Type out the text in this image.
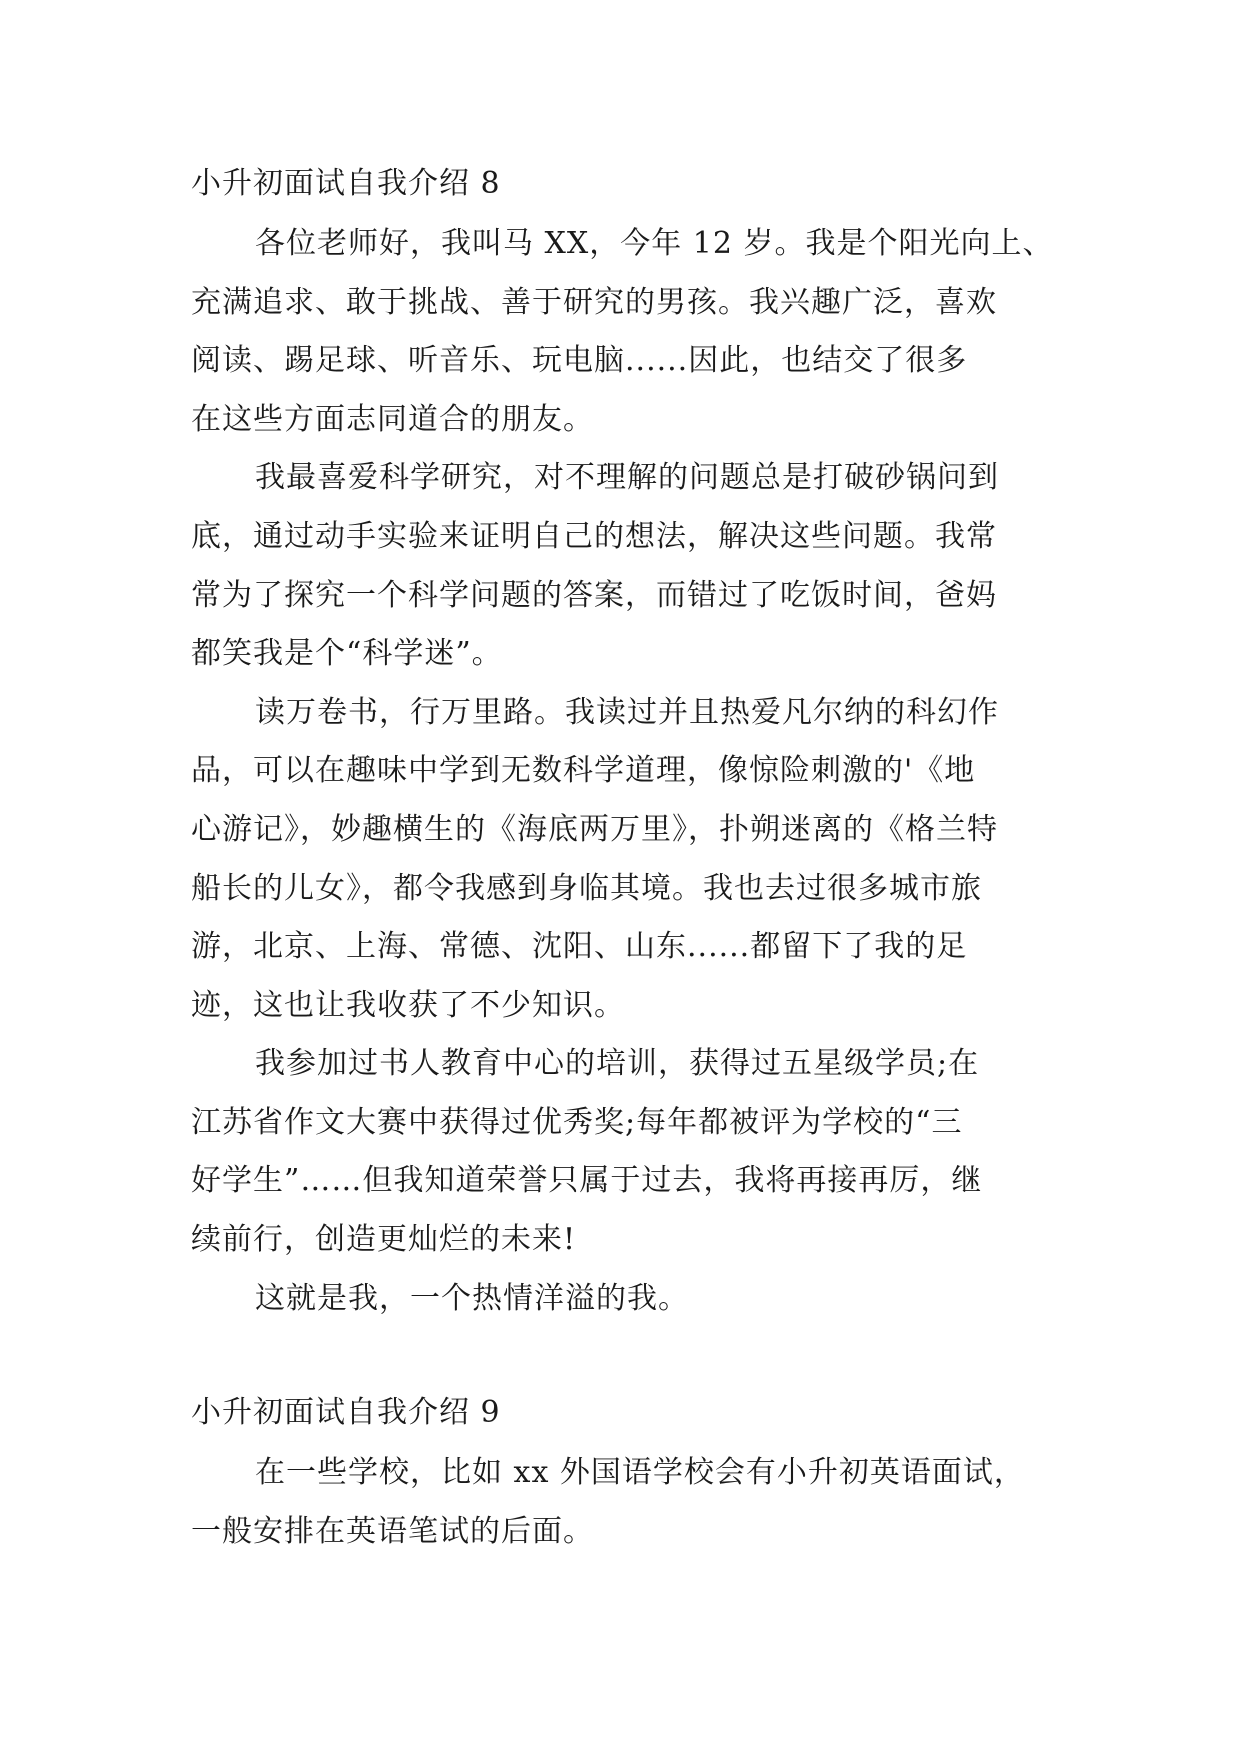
小升初面试自我介绍 8
各位老师好，我叫马 XX，今年 12 岁。我是个阳光向上、
充满追求、敢于挑战、善于研究的男孩。我兴趣广泛，喜欢
阅读、踢足球、听音乐、玩电脑......因此，也结交了很多
在这些方面志同道合的朋友。
我最喜爱科学研究，对不理解的问题总是打破砂锅问到
底，通过动手实验来证明自己的想法，解决这些问题。我常
常为了探究一个科学问题的答案，而错过了吃饭时间，爸妈
都笑我是个“科学迷”。
读万卷书，行万里路。我读过并且热爱凡尔纳的科幻作
品，可以在趣味中学到无数科学道理，像惊险刺激的'《地
心游记》，妙趣横生的《海底两万里》，扑朔迷离的《格兰特
船长的儿女》，都令我感到身临其境。我也去过很多城市旅
游，北京、上海、常德、沈阳、山东......都留下了我的足
迹，这也让我收获了不少知识。
我参加过书人教育中心的培训，获得过五星级学员;在
江苏省作文大赛中获得过优秀奖;每年都被评为学校的“三
好学生”……但我知道荣誉只属于过去，我将再接再厉，继
续前行，创造更灿烂的未来!
这就是我，一个热情洋溢的我。
小升初面试自我介绍 9
在一些学校，比如 xx 外国语学校会有小升初英语面试，
一般安排在英语笔试的后面。
